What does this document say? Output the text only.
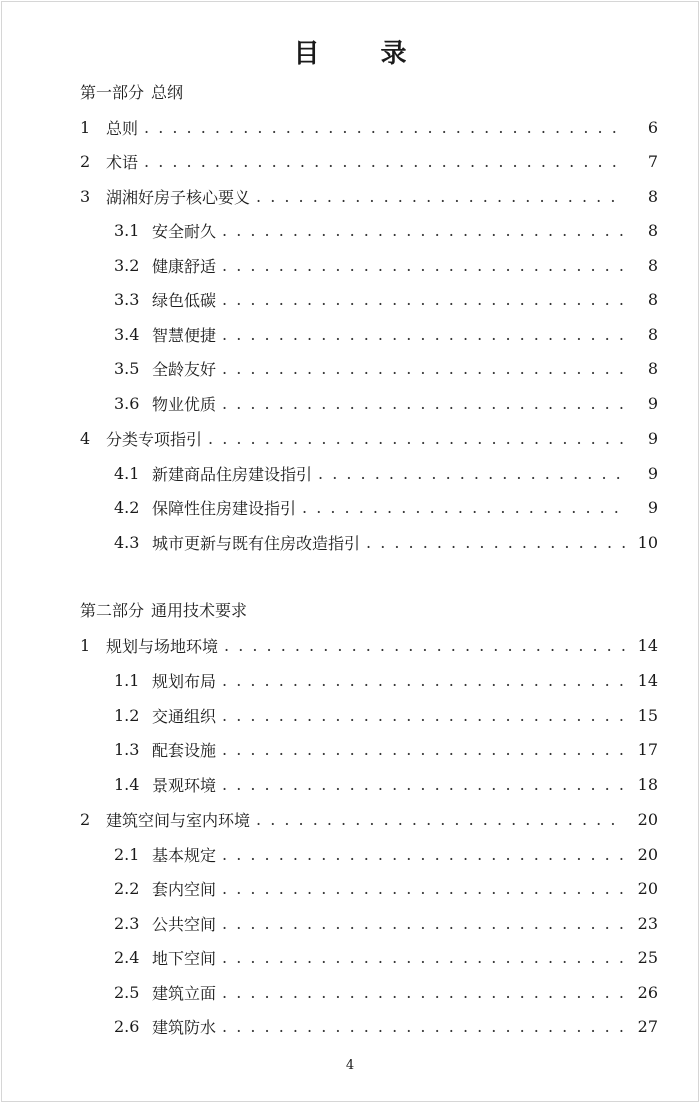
目 录
第一部分 总纲
1 总则 . . .	6
2 术语 . . .	7
3 湖湘好房子核心要义 . . .	8
3.1 安全耐久 . . .	8
3.2 健康舒适 . . .	8
3.3 绿色低碳 . . .	8
3.4 智慧便捷 . . .	8
3.5 全龄友好 . . .	8
3.6 物业优质 . . .	9
4 分类专项指引 . . .	9
4.1 新建商品住房建设指引 . . .	9
4.2 保障性住房建设指引 . . .	9
4.3 城市更新与既有住房改造指引 . . .	10
第二部分 通用技术要求
1 规划与场地环境 . . .	14
1.1 规划布局 . . .	14
1.2 交通组织 . . .	15
1.3 配套设施 . . .	17
1.4 景观环境 . . .	18
2 建筑空间与室内环境 . . .	20
2.1 基本规定 . . .	20
2.2 套内空间 . . .	20
2.3 公共空间 . . .	23
2.4 地下空间 . . .	25
2.5 建筑立面 . . .	26
2.6 建筑防水 . . .	27
4
